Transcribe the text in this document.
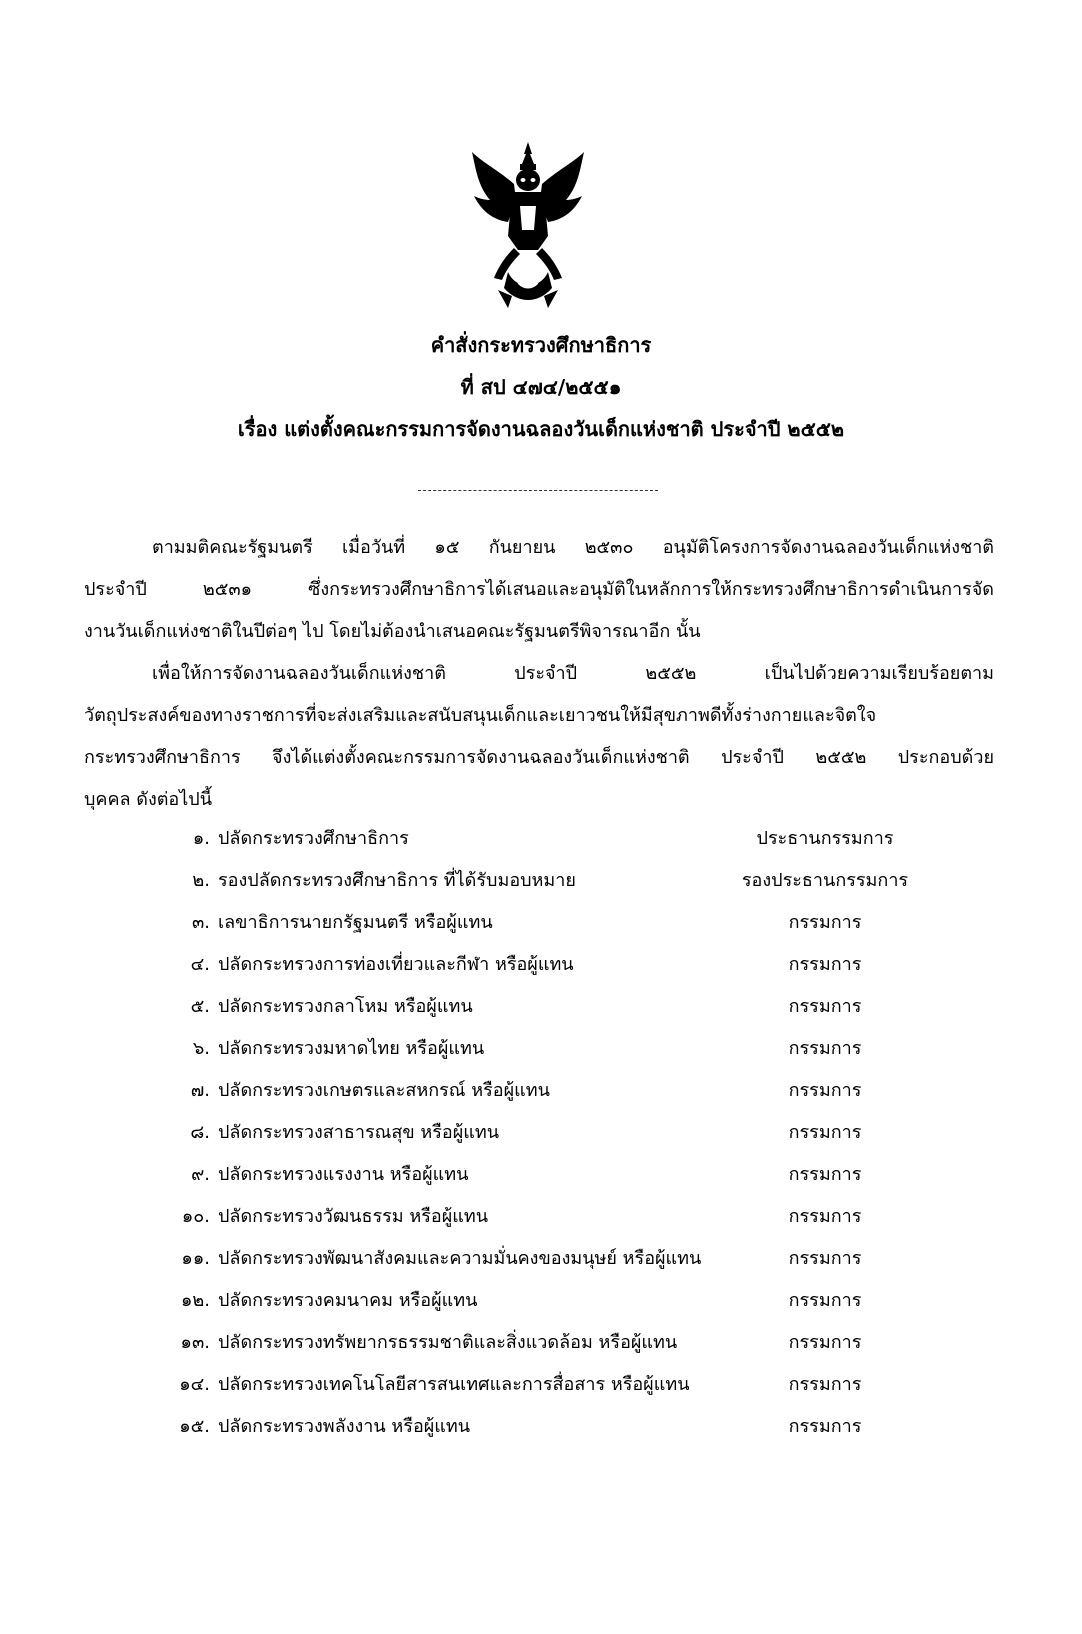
คำสั่งกระทรวงศึกษาธิการ
ที่ สป ๔๗๔/๒๕๕๑
เรื่อง แต่งตั้งคณะกรรมการจัดงานฉลองวันเด็กแห่งชาติ ประจำปี ๒๕๕๒
ตามมติคณะรัฐมนตรี เมื่อวันที่ ๑๕ กันยายน ๒๕๓๐ อนุมัติโครงการจัดงานฉลองวันเด็กแห่งชาติ
ประจำปี ๒๕๓๑ ซึ่งกระทรวงศึกษาธิการได้เสนอและอนุมัติในหลักการให้กระทรวงศึกษาธิการดำเนินการจัด
งานวันเด็กแห่งชาติในปีต่อๆ ไป โดยไม่ต้องนำเสนอคณะรัฐมนตรีพิจารณาอีก นั้น
เพื่อให้การจัดงานฉลองวันเด็กแห่งชาติ ประจำปี ๒๕๕๒ เป็นไปด้วยความเรียบร้อยตาม
วัตถุประสงค์ของทางราชการที่จะส่งเสริมและสนับสนุนเด็กและเยาวชนให้มีสุขภาพดีทั้งร่างกายและจิตใจ
กระทรวงศึกษาธิการ จึงได้แต่งตั้งคณะกรรมการจัดงานฉลองวันเด็กแห่งชาติ ประจำปี ๒๕๕๒ ประกอบด้วย
บุคคล ดังต่อไปนี้
๑. ปลัดกระทรวงศึกษาธิการ	ประธานกรรมการ
๒. รองปลัดกระทรวงศึกษาธิการ ที่ได้รับมอบหมาย	รองประธานกรรมการ
๓. เลขาธิการนายกรัฐมนตรี หรือผู้แทน	กรรมการ
๔. ปลัดกระทรวงการท่องเที่ยวและกีฬา หรือผู้แทน	กรรมการ
๕. ปลัดกระทรวงกลาโหม หรือผู้แทน	กรรมการ
๖. ปลัดกระทรวงมหาดไทย หรือผู้แทน	กรรมการ
๗. ปลัดกระทรวงเกษตรและสหกรณ์ หรือผู้แทน	กรรมการ
๘. ปลัดกระทรวงสาธารณสุข หรือผู้แทน	กรรมการ
๙. ปลัดกระทรวงแรงงาน หรือผู้แทน	กรรมการ
๑๐. ปลัดกระทรวงวัฒนธรรม หรือผู้แทน	กรรมการ
๑๑. ปลัดกระทรวงพัฒนาสังคมและความมั่นคงของมนุษย์ หรือผู้แทน	กรรมการ
๑๒. ปลัดกระทรวงคมนาคม หรือผู้แทน	กรรมการ
๑๓. ปลัดกระทรวงทรัพยากรธรรมชาติและสิ่งแวดล้อม หรือผู้แทน	กรรมการ
๑๔. ปลัดกระทรวงเทคโนโลยีสารสนเทศและการสื่อสาร หรือผู้แทน	กรรมการ
๑๕. ปลัดกระทรวงพลังงาน หรือผู้แทน	กรรมการ
